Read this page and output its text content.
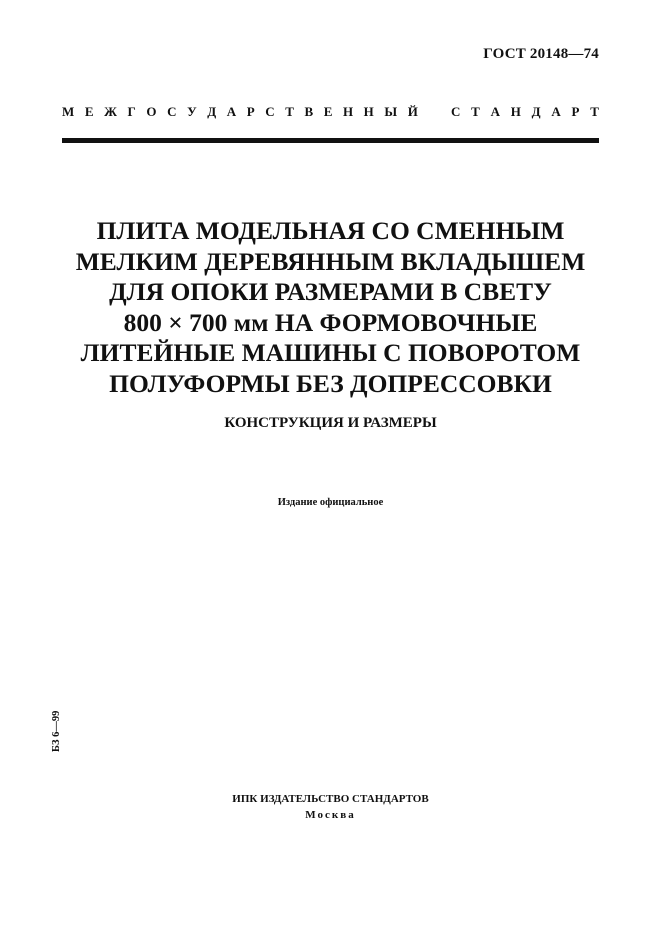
ГОСТ 20148—74
М Е Ж Г О С У Д А Р С Т В Е Н Н Ы Й	С Т А Н Д А Р Т
ПЛИТА МОДЕЛЬНАЯ СО СМЕННЫМ
МЕЛКИМ ДЕРЕВЯННЫМ ВКЛАДЫШЕМ
ДЛЯ ОПОКИ РАЗМЕРАМИ В СВЕТУ
800 × 700 мм НА ФОРМОВОЧНЫЕ
ЛИТЕЙНЫЕ МАШИНЫ С ПОВОРОТОМ
ПОЛУФОРМЫ БЕЗ ДОПРЕССОВКИ
КОНСТРУКЦИЯ И РАЗМЕРЫ
Издание официальное
БЗ 6—99
ИПК ИЗДАТЕЛЬСТВО СТАНДАРТОВ
Москва
